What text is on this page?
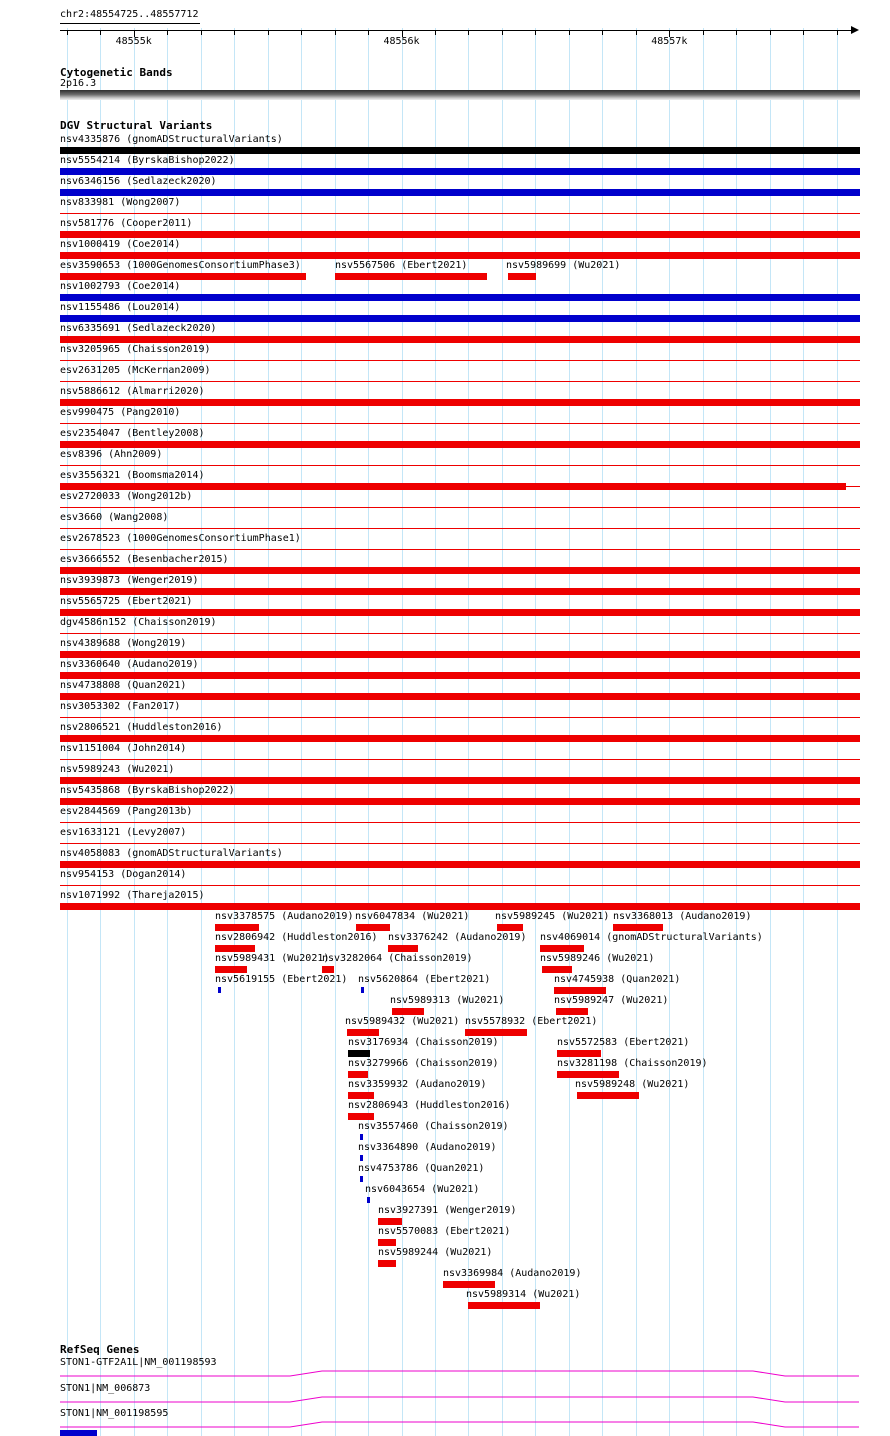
chr2:48554725..48557712
48555k	48556k	48557k
Cytogenetic Bands
2p16.3
DGV Structural Variants
nsv4335876 (gnomADStructuralVariants)
nsv5554214 (ByrskaBishop2022)
nsv6346156 (Sedlazeck2020)
nsv833981 (Wong2007)
nsv581776 (Cooper2011)
nsv1000419 (Coe2014)
esv3590653 (1000GenomesConsortiumPhase3)	nsv5567506 (Ebert2021)	nsv5989699 (Wu2021)
nsv1002793 (Coe2014)
nsv1155486 (Lou2014)
nsv6335691 (Sedlazeck2020)
nsv3205965 (Chaisson2019)
esv2631205 (McKernan2009)
nsv5886612 (Almarri2020)
esv990475 (Pang2010)
esv2354047 (Bentley2008)
esv8396 (Ahn2009)
esv3556321 (Boomsma2014)
esv2720033 (Wong2012b)
esv3660 (Wang2008)
esv2678523 (1000GenomesConsortiumPhase1)
esv3666552 (Besenbacher2015)
nsv3939873 (Wenger2019)
nsv5565725 (Ebert2021)
dgv4586n152 (Chaisson2019)
nsv4389688 (Wong2019)
nsv3360640 (Audano2019)
nsv4738808 (Quan2021)
nsv3053302 (Fan2017)
nsv2806521 (Huddleston2016)
nsv1151004 (John2014)
nsv5989243 (Wu2021)
nsv5435868 (ByrskaBishop2022)
esv2844569 (Pang2013b)
esv1633121 (Levy2007)
nsv4058083 (gnomADStructuralVariants)
nsv954153 (Dogan2014)
nsv1071992 (Thareja2015)
nsv3378575 (Audano2019) nsv6047834 (Wu2021)	nsv5989245 (Wu2021) nsv3368013 (Audano2019)
nsv2806942 (Huddleston2016) nsv3376242 (Audano2019) nsv4069014 (gnomADStructuralVariants)
nsv5989431 (Wu2021)
nsv3282064 (Chaisson2019)	nsv5989246 (Wu2021)
nsv5619155 (Ebert2021) nsv5620864 (Ebert2021)	nsv4745938 (Quan2021)
nsv5989313 (Wu2021)	nsv5989247 (Wu2021)
nsv5989432 (Wu2021) nsv5578932 (Ebert2021)
nsv3176934 (Chaisson2019)	nsv5572583 (Ebert2021)
nsv3279966 (Chaisson2019)	nsv3281198 (Chaisson2019)
nsv3359932 (Audano2019)	nsv5989248 (Wu2021)
nsv2806943 (Huddleston2016)
nsv3557460 (Chaisson2019)
nsv3364890 (Audano2019)
nsv4753786 (Quan2021)
nsv6043654 (Wu2021)
nsv3927391 (Wenger2019)
nsv5570083 (Ebert2021)
nsv5989244 (Wu2021)
nsv3369984 (Audano2019)
nsv5989314 (Wu2021)
RefSeq Genes
STON1-GTF2A1L|NM_001198593
STON1|NM_006873
STON1|NM_001198595
